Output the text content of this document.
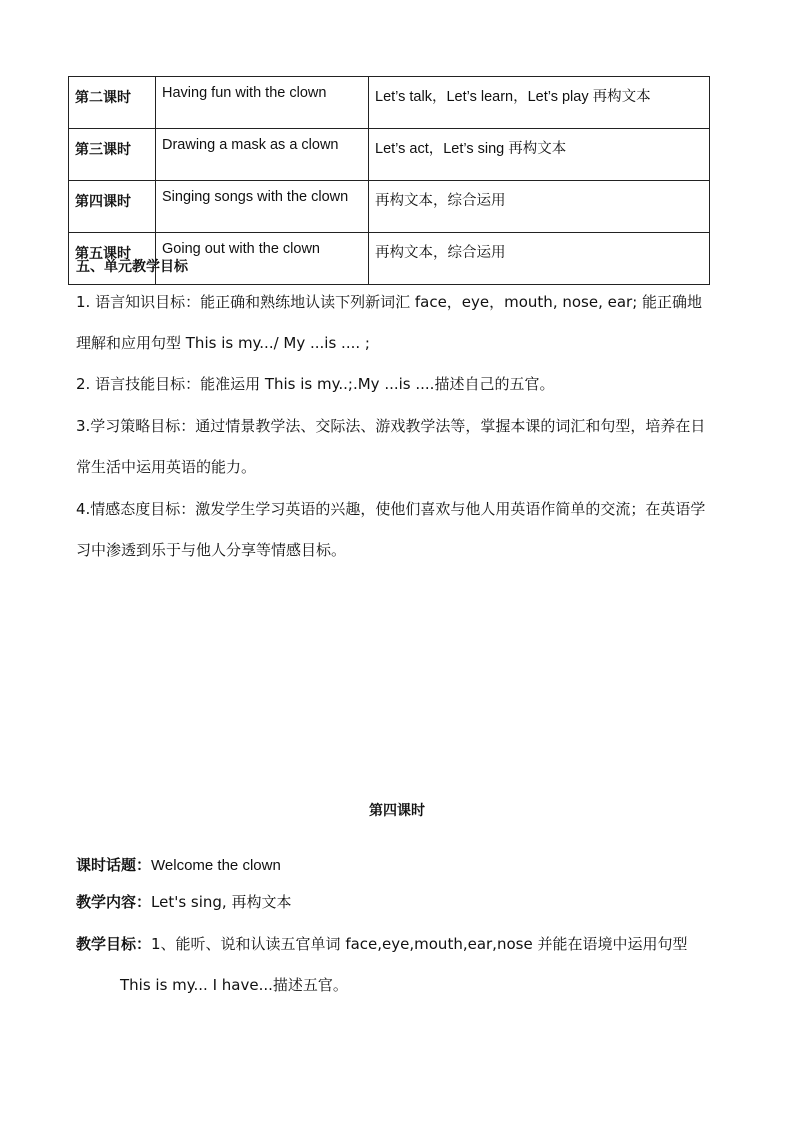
第二课时	Having fun with the clown	Let’s talk，Let’s learn，Let’s play 再构文本
第三课时	Drawing a mask as a clown	Let’s act，Let’s sing 再构文本
第四课时	Singing songs with the clown	再构文本，综合运用
第五课时	Going out with the clown	再构文本，综合运用
五、单元教学目标
1. 语言知识目标：能正确和熟练地认读下列新词汇 face，eye，mouth, nose, ear; 能正确地
理解和应用句型 This is my.../ My ...is .... ;
2. 语言技能目标：能准运用 This is my..;.My ...is ....描述自己的五官。
3.学习策略目标：通过情景教学法、交际法、游戏教学法等，掌握本课的词汇和句型，培养在日
常生活中运用英语的能力。
4.情感态度目标：激发学生学习英语的兴趣，使他们喜欢与他人用英语作简单的交流；在英语学
习中渗透到乐于与他人分享等情感目标。
第四课时
课时话题：Welcome the clown
教学内容：Let's sing, 再构文本
教学目标：1、能听、说和认读五官单词 face,eye,mouth,ear,nose 并能在语境中运用句型
This is my... I have...描述五官。
